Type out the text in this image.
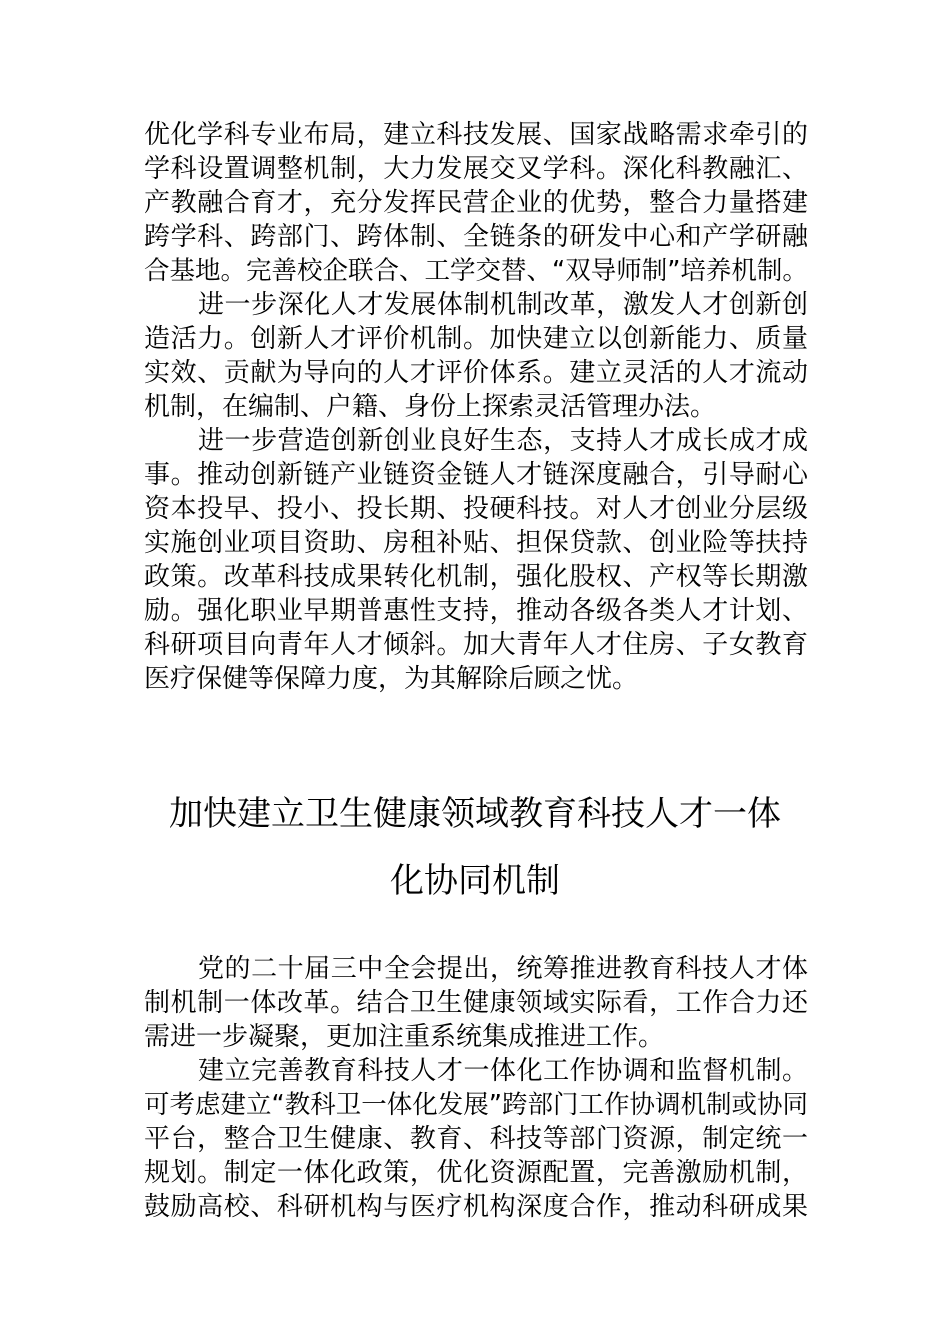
优化学科专业布局，建立科技发展、国家战略需求牵引的
学科设置调整机制，大力发展交叉学科。深化科教融汇、
产教融合育才，充分发挥民营企业的优势，整合力量搭建
跨学科、跨部门、跨体制、全链条的研发中心和产学研融
合基地。完善校企联合、工学交替、“双导师制”培养机制。
进一步深化人才发展体制机制改革，激发人才创新创
造活力。创新人才评价机制。加快建立以创新能力、质量
实效、贡献为导向的人才评价体系。建立灵活的人才流动
机制，在编制、户籍、身份上探索灵活管理办法。
进一步营造创新创业良好生态，支持人才成长成才成
事。推动创新链产业链资金链人才链深度融合，引导耐心
资本投早、投小、投长期、投硬科技。对人才创业分层级
实施创业项目资助、房租补贴、担保贷款、创业险等扶持
政策。改革科技成果转化机制，强化股权、产权等长期激
励。强化职业早期普惠性支持，推动各级各类人才计划、
科研项目向青年人才倾斜。加大青年人才住房、子女教育
医疗保健等保障力度，为其解除后顾之忧。
加快建立卫生健康领域教育科技人才一体
化协同机制
党的二十届三中全会提出，统筹推进教育科技人才体
制机制一体改革。结合卫生健康领域实际看，工作合力还
需进一步凝聚，更加注重系统集成推进工作。
建立完善教育科技人才一体化工作协调和监督机制。
可考虑建立“教科卫一体化发展”跨部门工作协调机制或协同
平台，整合卫生健康、教育、科技等部门资源，制定统一
规划。制定一体化政策，优化资源配置，完善激励机制，
鼓励高校、科研机构与医疗机构深度合作，推动科研成果
